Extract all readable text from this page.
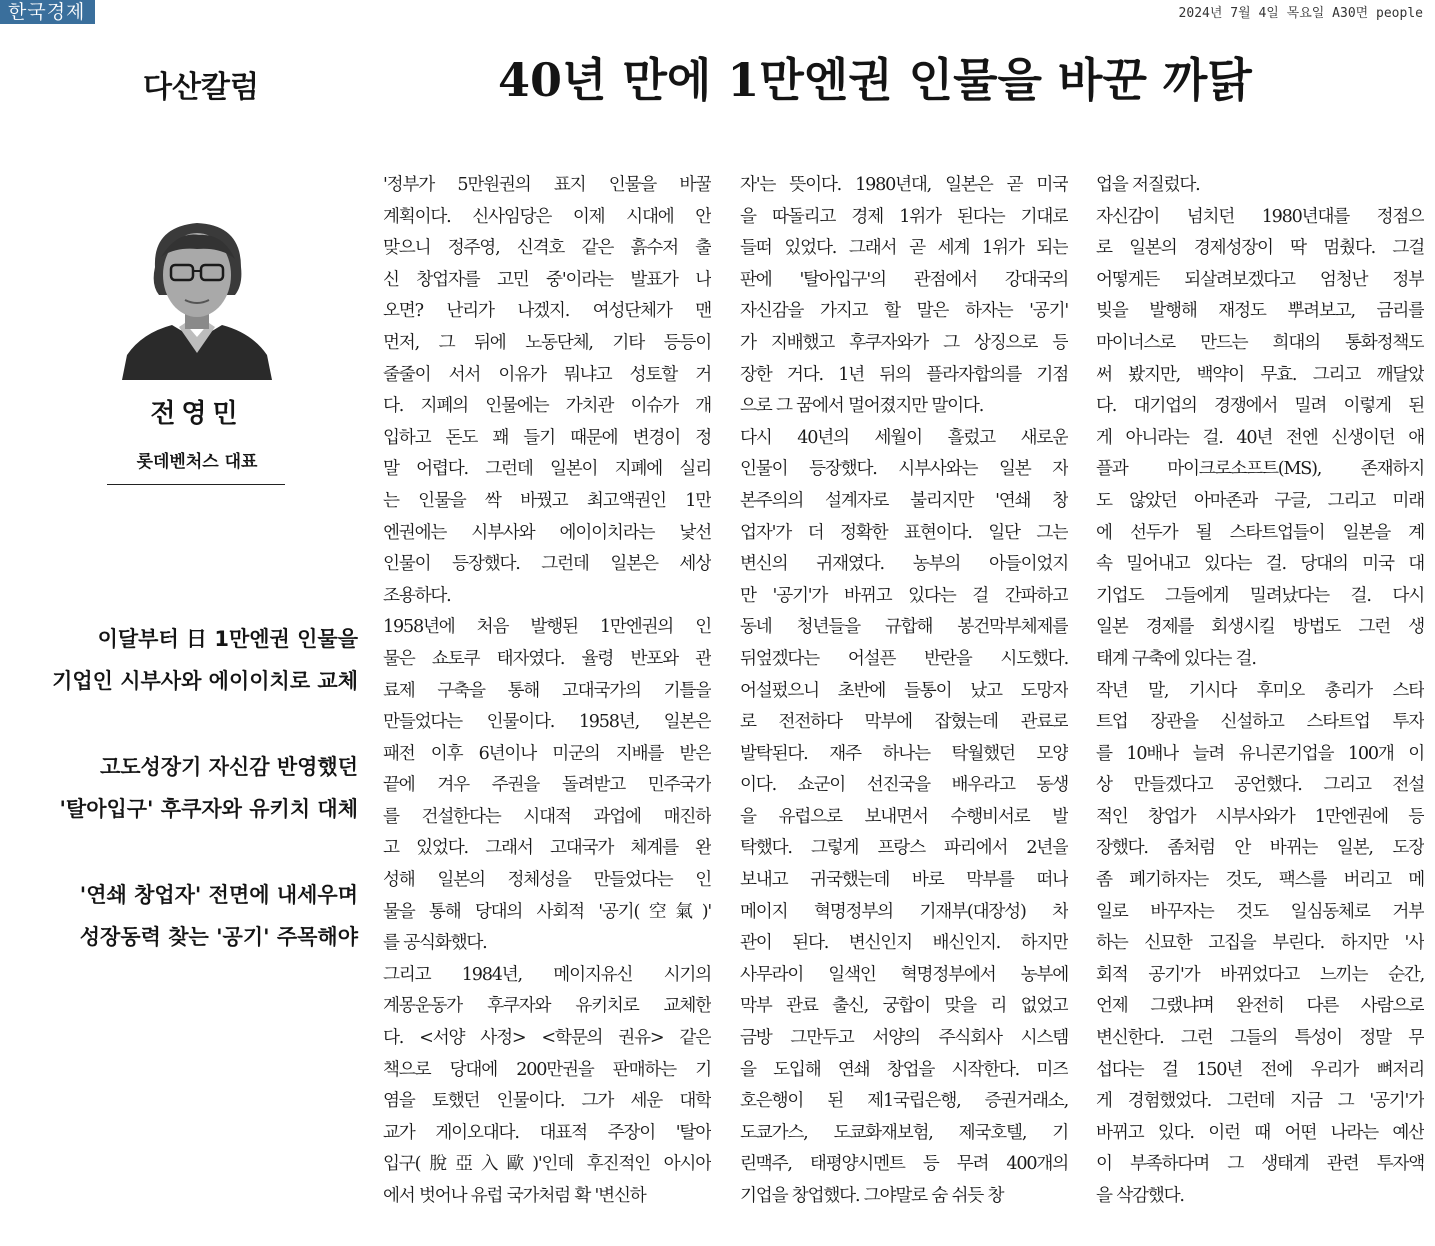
한국경제	2024년 7월 4일 목요일 A30면 people
다산칼럼	40년 만에 1만엔권 인물을 바꾼 까닭
전영민
롯데벤처스 대표
이달부터 日 1만엔권 인물을
기업인 시부사와 에이이치로 교체
고도성장기 자신감 반영했던
'탈아입구' 후쿠자와 유키치 대체
'연쇄 창업자' 전면에 내세우며
성장동력 찾는 '공기' 주목해야
'정부가 5만원권의 표지 인물을 바꿀
계획이다. 신사임당은 이제 시대에 안
맞으니 정주영, 신격호 같은 흙수저 출
신 창업자를 고민 중'이라는 발표가 나
오면? 난리가 나겠지. 여성단체가 맨
먼저, 그 뒤에 노동단체, 기타 등등이
줄줄이 서서 이유가 뭐냐고 성토할 거
다. 지폐의 인물에는 가치관 이슈가 개
입하고 돈도 꽤 들기 때문에 변경이 정
말 어렵다. 그런데 일본이 지폐에 실리
는 인물을 싹 바꿨고 최고액권인 1만
엔권에는 시부사와 에이이치라는 낯선
인물이 등장했다. 그런데 일본은 세상
조용하다.
1958년에 처음 발행된 1만엔권의 인
물은 쇼토쿠 태자였다. 율령 반포와 관
료제 구축을 통해 고대국가의 기틀을
만들었다는 인물이다. 1958년, 일본은
패전 이후 6년이나 미군의 지배를 받은
끝에 겨우 주권을 돌려받고 민주국가
를 건설한다는 시대적 과업에 매진하
고 있었다. 그래서 고대국가 체계를 완
성해 일본의 정체성을 만들었다는 인
물을 통해 당대의 사회적 '공기(空氣)'
를 공식화했다.
그리고 1984년, 메이지유신 시기의
계몽운동가 후쿠자와 유키치로 교체한
다. <서양 사정> <학문의 권유> 같은
책으로 당대에 200만권을 판매하는 기
염을 토했던 인물이다. 그가 세운 대학
교가 게이오대다. 대표적 주장이 '탈아
입구(脫亞入歐)'인데 후진적인 아시아
에서 벗어나 유럽 국가처럼 확 '변신하
자'는 뜻이다. 1980년대, 일본은 곧 미국
을 따돌리고 경제 1위가 된다는 기대로
들떠 있었다. 그래서 곧 세계 1위가 되는
판에 '탈아입구'의 관점에서 강대국의
자신감을 가지고 할 말은 하자는 '공기'
가 지배했고 후쿠자와가 그 상징으로 등
장한 거다. 1년 뒤의 플라자합의를 기점
으로 그 꿈에서 멀어졌지만 말이다.
다시 40년의 세월이 흘렀고 새로운
인물이 등장했다. 시부사와는 일본 자
본주의의 설계자로 불리지만 '연쇄 창
업자'가 더 정확한 표현이다. 일단 그는
변신의 귀재였다. 농부의 아들이었지
만 '공기'가 바뀌고 있다는 걸 간파하고
동네 청년들을 규합해 봉건막부체제를
뒤엎겠다는 어설픈 반란을 시도했다.
어설펐으니 초반에 들통이 났고 도망자
로 전전하다 막부에 잡혔는데 관료로
발탁된다. 재주 하나는 탁월했던 모양
이다. 쇼군이 선진국을 배우라고 동생
을 유럽으로 보내면서 수행비서로 발
탁했다. 그렇게 프랑스 파리에서 2년을
보내고 귀국했는데 바로 막부를 떠나
메이지 혁명정부의 기재부(대장성) 차
관이 된다. 변신인지 배신인지. 하지만
사무라이 일색인 혁명정부에서 농부에
막부 관료 출신, 궁합이 맞을 리 없었고
금방 그만두고 서양의 주식회사 시스템
을 도입해 연쇄 창업을 시작한다. 미즈
호은행이 된 제1국립은행, 증권거래소,
도쿄가스, 도쿄화재보험, 제국호텔, 기
린맥주, 태평양시멘트 등 무려 400개의
기업을 창업했다. 그야말로 숨 쉬듯 창
업을 저질렀다.
자신감이 넘치던 1980년대를 정점으
로 일본의 경제성장이 딱 멈췄다. 그걸
어떻게든 되살려보겠다고 엄청난 정부
빚을 발행해 재정도 뿌려보고, 금리를
마이너스로 만드는 희대의 통화정책도
써 봤지만, 백약이 무효. 그리고 깨달았
다. 대기업의 경쟁에서 밀려 이렇게 된
게 아니라는 걸. 40년 전엔 신생이던 애
플과 마이크로소프트(MS), 존재하지
도 않았던 아마존과 구글, 그리고 미래
에 선두가 될 스타트업들이 일본을 계
속 밀어내고 있다는 걸. 당대의 미국 대
기업도 그들에게 밀려났다는 걸. 다시
일본 경제를 회생시킬 방법도 그런 생
태계 구축에 있다는 걸.
작년 말, 기시다 후미오 총리가 스타
트업 장관을 신설하고 스타트업 투자
를 10배나 늘려 유니콘기업을 100개 이
상 만들겠다고 공언했다. 그리고 전설
적인 창업가 시부사와가 1만엔권에 등
장했다. 좀처럼 안 바뀌는 일본, 도장
좀 폐기하자는 것도, 팩스를 버리고 메
일로 바꾸자는 것도 일심동체로 거부
하는 신묘한 고집을 부린다. 하지만 '사
회적 공기'가 바뀌었다고 느끼는 순간,
언제 그랬냐며 완전히 다른 사람으로
변신한다. 그런 그들의 특성이 정말 무
섭다는 걸 150년 전에 우리가 뼈저리
게 경험했었다. 그런데 지금 그 '공기'가
바뀌고 있다. 이런 때 어떤 나라는 예산
이 부족하다며 그 생태계 관련 투자액
을 삭감했다.
